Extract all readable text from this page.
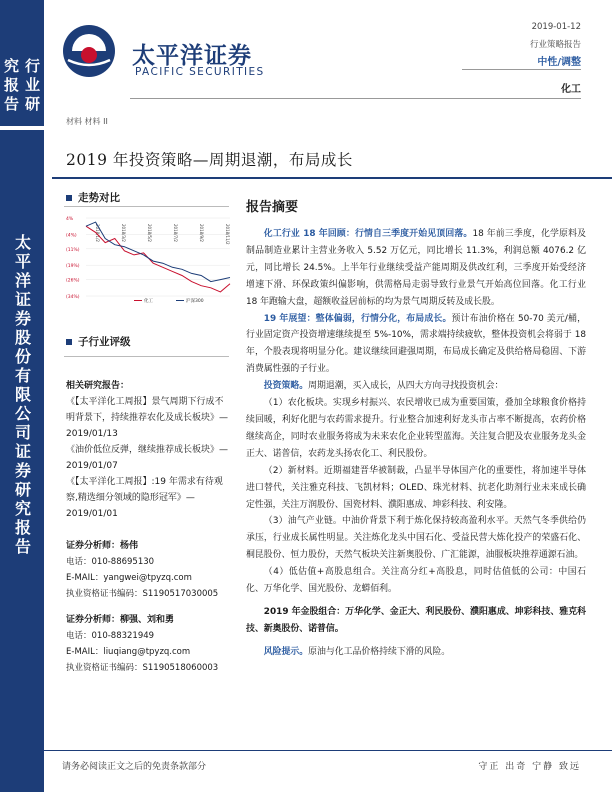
行业研究报告
太平洋证券股份有限公司证券研究报告
太平洋证券
PACIFIC SECURITIES
2019-01-12
行业策略报告
中性/调整
化工
材料 材料 II
2019 年投资策略—周期退潮，布局成长
走势对比
4%
(4%)
(11%)
(19%)
(26%)
(34%)
2018/1/2	2018/3/2	2018/5/2	2018/7/2	2018/9/2	2018/11/2
化工	沪深300
子行业评级
相关研究报告：
《【太平洋化工周报】景气周期下行成不明背景下，持续推荐农化及成长板块》—2019/01/13
《油价低位反弹，继续推荐成长板块》—2019/01/07
《【太平洋化工周报】:19 年需求有待观察,精选细分领域的隐形冠军》—2019/01/01
证券分析师：杨伟
电话：010-88695130
E-MAIL：yangwei@tpyzq.com
执业资格证书编码：S1190517030005
证券分析师：柳强、刘和勇
电话：010-88321949
E-MAIL：liuqiang@tpyzq.com
执业资格证书编码：S1190518060003
报告摘要

化工行业 18 年回顾：行情自三季度开始见顶回落。18 年前三季度，化学原料及制品制造业累计主营业务收入 5.52 万亿元，同比增长 11.3%，利润总额 4076.2 亿元，同比增长 24.5%。上半年行业继续受益产能周期及供改红利，三季度开始受经济增速下滑、环保政策纠偏影响，供需格局走弱导致行业景气开始高位回落。化工行业 18 年跑输大盘，超额收益居前标的均为景气周期反转及成长股。

19 年展望：整体偏弱，行情分化，布局成长。预计布油价格在 50-70 美元/桶，行业固定资产投资增速继续提至 5%-10%，需求端持续疲软，整体投资机会将弱于 18 年，个股表现将明显分化。建议继续回避强周期，布局成长确定及供给格局稳固、下游消费属性强的子行业。

投资策略。周期退潮，买入成长，从四大方向寻找投资机会：

（1）农化板块。实现乡村振兴、农民增收已成为重要国策，叠加全球粮食价格持续回暖，利好化肥与农药需求提升。行业整合加速利好龙头市占率不断提高，农药价格继续高企，同时农业服务将成为未来农化企业转型蓝海。关注复合肥及农业服务龙头金正大、诺普信，农药龙头扬农化工、利民股份。

（2）新材料。近期福建晋华被制裁，凸显半导体国产化的重要性，将加速半导体进口替代，关注雅克科技、飞凯材料；OLED、珠光材料、抗老化助剂行业未来成长确定性强，关注万润股份、国瓷材料、濮阳惠成、坤彩科技、利安隆。

（3）油气产业链。中油价背景下利于炼化保持较高盈利水平。天然气冬季供给仍承压，行业成长属性明显。关注炼化龙头中国石化、受益民营大炼化投产的荣盛石化、桐昆股份、恒力股份，天然气板块关注新奥股份、广汇能源，油服板块推荐通源石油。

（4）低估值+高股息组合。关注高分红+高股息，同时估值低的公司：中国石化、万华化学、国光股份、龙蟒佰利。

2019 年金股组合：万华化学、金正大、利民股份、濮阳惠成、坤彩科技、雅克科技、新奥股份、诺普信。

风险提示。原油与化工品价格持续下滑的风险。

请务必阅读正文之后的免责条款部分	守正 出奇 宁静 致远
